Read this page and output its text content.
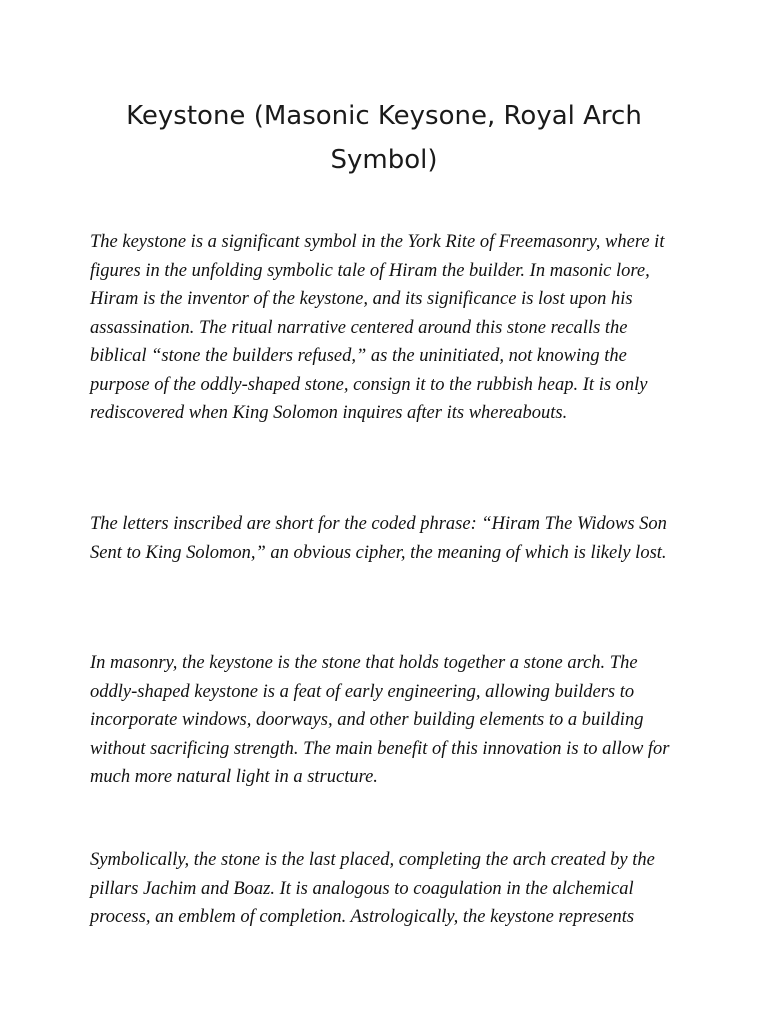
Keystone (Masonic Keysone, Royal Arch Symbol)

The keystone is a significant symbol in the York Rite of Freemasonry, where it figures in the unfolding symbolic tale of Hiram the builder. In masonic lore, Hiram is the inventor of the keystone, and its significance is lost upon his assassination. The ritual narrative centered around this stone recalls the biblical “stone the builders refused,” as the uninitiated, not knowing the purpose of the oddly-shaped stone, consign it to the rubbish heap. It is only rediscovered when King Solomon inquires after its whereabouts.

The letters inscribed are short for the coded phrase: “Hiram The Widows Son Sent to King Solomon,” an obvious cipher, the meaning of which is likely lost.

In masonry, the keystone is the stone that holds together a stone arch. The oddly-shaped keystone is a feat of early engineering, allowing builders to incorporate windows, doorways, and other building elements to a building without sacrificing strength. The main benefit of this innovation is to allow for much more natural light in a structure.

Symbolically, the stone is the last placed, completing the arch created by the pillars Jachim and Boaz. It is analogous to coagulation in the alchemical process, an emblem of completion. Astrologically, the keystone represents
